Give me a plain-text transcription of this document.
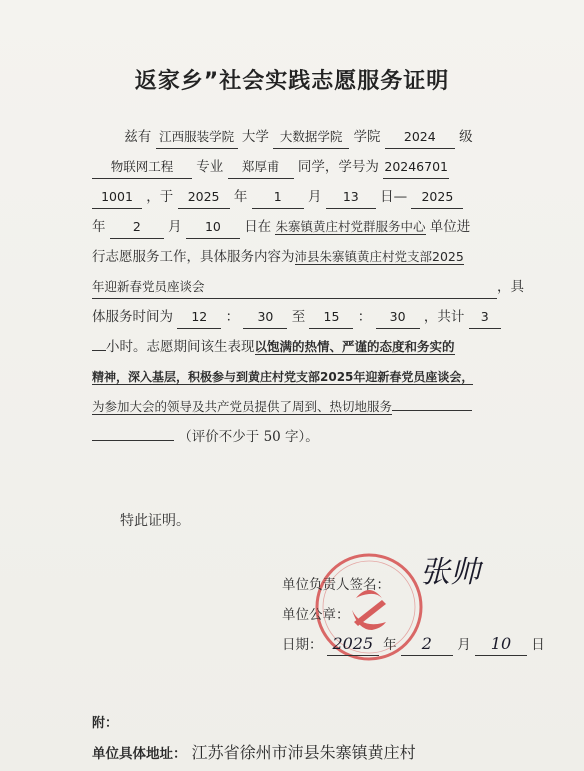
返家乡”社会实践志愿服务证明
兹有 江西服装学院 大学 大数据学院 学院 2024 级
物联网工程 专业 郑厚甫 同学，学号为 20246701
1001 ，于 2025 年 1 月 13 日— 2025
年 2 月 10 日在 朱寨镇黄庄村党群服务中心 单位进
行志愿服务工作，具体服务内容为沛县朱寨镇黄庄村党支部2025
年迎新春党员座谈会	，具
体服务时间为 12 ： 30 至 15 ： 30 ，共计 3
小时。志愿期间该生表现以饱满的热情、严谨的态度和务实的
精神，深入基层，积极参与到黄庄村党支部2025年迎新春党员座谈会，
为参加大会的领导及共产党员提供了周到、热切地服务
（评价不少于 50 字）。
特此证明。
单位负责人签名： 张帅
单位公章：
日期： 2025 年 2 月 10 日
附：
单位具体地址： 江苏省徐州市沛县朱寨镇黄庄村
